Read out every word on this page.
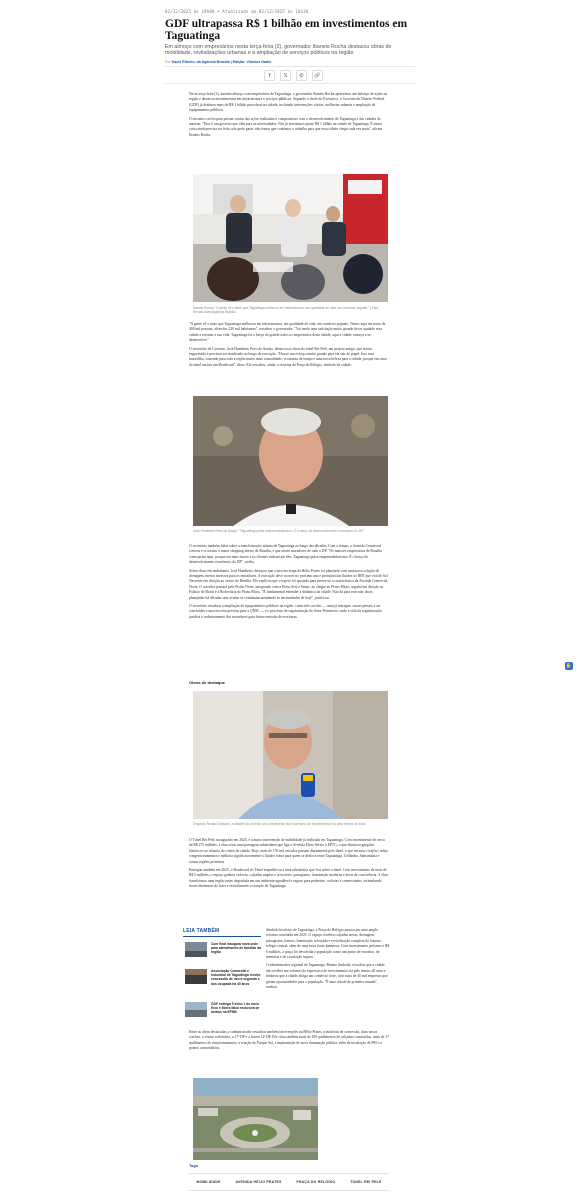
02/12/2025 às 18h00 • Atualizado em 02/12/2025 às 18h38
GDF ultrapassa R$ 1 bilhão em investimentos em Taguatinga

Em almoço com empresários nesta terça-feira (2), governador Ibaneis Rocha destacou obras de mobilidade, revitalizações urbanas e a ampliação de serviços públicos na região

Por Kacel Ribeiro, da Agência Brasília | Edição: Vinicius Nader
f	𝕏	✆	🔗

Nesta terça-feira (2), durante almoço com empresários de Taguatinga, o governador Ibaneis Rocha apresentou um balanço de ações na região e destacou investimentos em infraestrutura e serviços públicos. Segundo o chefe do Executivo, o Governo do Distrito Federal (GDF) já destinou mais de R$ 1 bilhão para obras na cidade, incluindo intervenções viárias, melhorias urbanas e ampliação de equipamentos públicos.

O encontro serviu para prestar contas das ações realizadas e compromisso com o desenvolvimento de Taguatinga e das cidades do entorno. "Esse é um governo que olha para as necessidades. Nós já investimos quase R$ 1 bilhão na cidade de Taguatinga. É muita coisa ainda precisa ser feita, não pode parar, não temos que continuar o trabalho para que essa cidade chega cada vez mais", afirma Ibaneis Rocha.

Ibaneis Rocha: "A gente vê o tanto que Taguatinga melhorou em infraestrutura, em qualidade de vida, em comércio pujante." | Foto: Renato Alves/Agência Brasília

"A gente vê o tanto que Taguatinga melhorou em infraestrutura, em qualidade de vida, em comércio pujante. Temos aqui em torno de 400 mil pessoas, além dos 220 mil habitantes", ressaltou o governador. "Vai tendo uma satisfação muito grande de ter ajudado essa cidade a retomar a sua vida. Taguatinga foi o berço de grande todos os empresários desta cidade, aqui a cidade começa a se desenvolver."

O secretário de Governo, José Humberto Pires de Araújo, destacou as obras do túnel Rei Pelé, um projeto antigo, que estava engavetado e precisou ser atualizado ao longo da execução. "Houve um esforço muito grande para ele sair do papel. Isso essa maravilha, trazendo para toda a região muito mais comodidade, economia de tempo e uma nova beleza para a cidade, porque em cima do túnel nasceu um Boulevard", disse. Ele ressaltou, ainda, a reforma da Praça do Relógio, símbolo da cidade.

José Humberto Pires de Araújo: "Taguatinga pulsa empreendedorismo. É o berço do desenvolvimento econômico do DF"

O secretário também falou sobre a transformação urbana de Taguatinga ao longo das décadas. Com o tempo, a Avenida Comercial cresceu e se tornou o maior shopping aberto de Brasília, e que atraiu moradores de todo o DF. "Os maiores empresários de Brasília começaram aqui, porque era mais barato e os clientes vinham até eles. Taguatinga pulsa empreendedorismo. É o berço do desenvolvimento econômico do DF", avalia.

Sobre obras em andamento, José Humberto destacou que a terceira etapa da Hélio Prates foi planejada com uma nova solução de drenagem, menos invasiva para os moradores. A execução deve ocorrer no próximo ano e permitirá dar fluidez ao BRT que virá de Sol Nascente em direção ao centro de Brasília. Ele explicou que o trajeto foi ajustado para preservar a característica da Avenida Comercial Norte. O corredor passará pelo Pistão Norte, integrando com a Efeso Sesi e Senac, ao chegar ao Plano Piloto, seguirá em direção ao Palácio do Buriti e à Rodoviária do Plano Piloto. "É fundamental entender a dinâmica da cidade. Não dá para executar obras planejadas há décadas sem avaliar se continuam atendendo às necessidades de hoje", justificou.

O secretário ressaltou a ampliação de equipamentos públicos na região, como três creches — uma já entregue, outras prestes a ser concluídas e uma terceira prevista para a QNM —, e o processo de regularização do Setor Primavera, onde a vida da regularização jurídica e cadastramento dos moradores para futura emissão de escrituras.

Obras de destaque
Segundo Renato Andrade, a cidade não recebia um investimento tão expressivo de investimentos há pelo menos 40 anos

O Túnel Rei Pelé, inaugurado em 2025, é a maior intervenção de mobilidade já realizada em Taguatinga. Com investimento de cerca de R$ 275 milhões, a obra criou uma passagem subterrânea que liga a Avenida Elmo Serejo à EPTG, o que eliminou gargalos históricos no trânsito do centro da cidade. Hoje, mais de 150 mil veículos passam diariamente pelo túnel, o que encurta o trajeto, reduz congestionamentos e melhora significativamente a fluidez viária para quem se desloca entre Taguatinga, Ceilândia, Samambaia e outras regiões próximas.

Entregue também em 2025, o Boulevard do Túnel requalificou a área urbanística que fica sobre o túnel. Com investimento de mais de R$ 5 milhões, o espaço ganhou ciclovia, calçadas amplas e acessíveis, paisagismo, iluminação moderna e áreas de convivência. A obra transformou uma região antes degradada em um ambiente agradável e seguro para pedestres, ciclistas e comerciantes, estimulando novas dinâmicas de lazer e revitalizando o coração de Taguatinga.

LEIA TAMBÉM
Com final inaugura nova sede para atendimento às famílias da região
Associação Comercial e Industrial de Taguatinga recebe concessão de uso a segunda e dos ocupada há 40 anos
GDF entrega Trecho 1 do novo Eixo e libera faixa exclusiva de ônibus na EPNB

Símbolo histórico de Taguatinga, a Praça do Relógio passou por uma ampla reforma concluída em 2025. O espaço recebeu calçadas novas, drenagem, paisagismo, bancos, iluminação reforçada e revitalização completa do famoso relógio central, além de uma nova fonte luminosa. Com investimento próximo a R$ 6 milhões, a praça foi devolvida à população como um ponto de encontro, de memória e de circulação segura.

O administrador regional de Taguatinga, Renato Andrade, ressaltou que a cidade não recebia um volume tão expressivo de investimentos há pelo menos 40 anos e lembrou que a cidade abriga um comércio forte, com mais de 40 mil empresas que geram oportunidades para a população. "É uma cidade de primeiro mundo", avaliou.

Entre as obras destacadas, o administrador ressaltou também intervenções na Hélio Prates, trincheiras de conversão, duas novas creches, o centro rodoviário, a 17ª DP e a futura 12ª DP. Ele citou também mais de 100 quilômetros de calçadas construídas, mais de 17 quilômetros de estacionamentos, a criação do Parque Sol, a implantação de nova iluminação pública, além da instalação de PECs e pontos comunitários.

Tags
MOBILIDADE	AVENIDA HÉLIO PRATES	PRAÇA DO RELÓGIO	TÚNEL REI PELÉ
✋
